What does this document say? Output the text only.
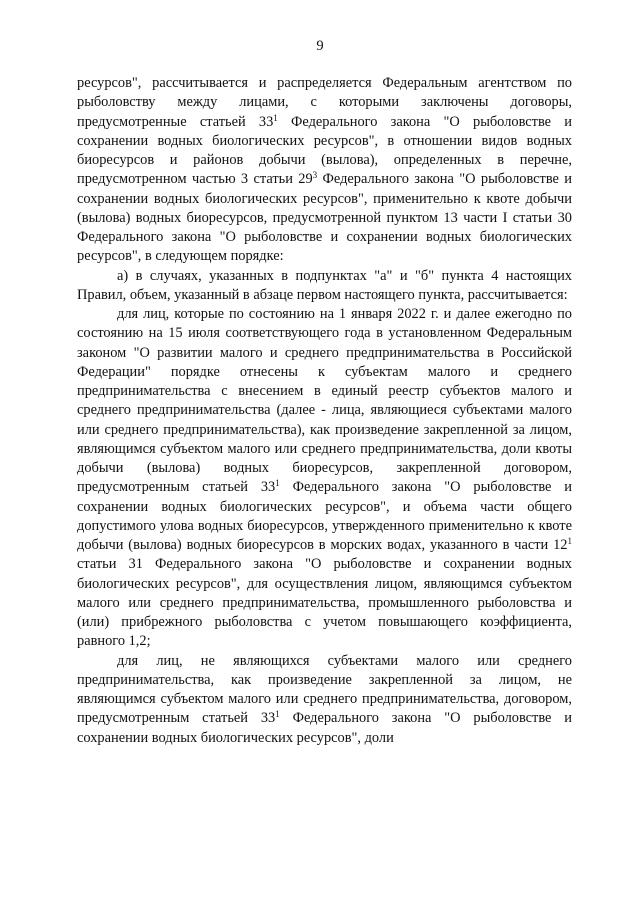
9

ресурсов", рассчитывается и распределяется Федеральным агентством по рыболовству между лицами, с которыми заключены договоры, предусмотренные статьей $33^1$ Федерального закона "О рыболовстве и сохранении водных биологических ресурсов", в отношении видов водных биоресурсов и районов добычи (вылова), определенных в перечне, предусмотренном частью 3 статьи $29^3$ Федерального закона "О рыболовстве и сохранении водных биологических ресурсов", применительно к квоте добычи (вылова) водных биоресурсов, предусмотренной пунктом 13 части I статьи 30 Федерального закона "О рыболовстве и сохранении водных биологических ресурсов", в следующем порядке:

а) в случаях, указанных в подпунктах "а" и "б" пункта 4 настоящих Правил, объем, указанный в абзаце первом настоящего пункта, рассчитывается:

для лиц, которые по состоянию на 1 января 2022 г. и далее ежегодно по состоянию на 15 июля соответствующего года в установленном Федеральным законом "О развитии малого и среднего предпринимательства в Российской Федерации" порядке отнесены к субъектам малого и среднего предпринимательства с внесением в единый реестр субъектов малого и среднего предпринимательства (далее - лица, являющиеся субъектами малого или среднего предпринимательства), как произведение закрепленной за лицом, являющимся субъектом малого или среднего предпринимательства, доли квоты добычи (вылова) водных биоресурсов, закрепленной договором, предусмотренным статьей $33^1$ Федерального закона "О рыболовстве и сохранении водных биологических ресурсов", и объема части общего допустимого улова водных биоресурсов, утвержденного применительно к квоте добычи (вылова) водных биоресурсов в морских водах, указанного в части $12^1$ статьи 31 Федерального закона "О рыболовстве и сохранении водных биологических ресурсов", для осуществления лицом, являющимся субъектом малого или среднего предпринимательства, промышленного рыболовства и (или) прибрежного рыболовства с учетом повышающего коэффициента, равного 1,2;

для лиц, не являющихся субъектами малого или среднего предпринимательства, как произведение закрепленной за лицом, не являющимся субъектом малого или среднего предпринимательства, договором, предусмотренным статьей $33^1$ Федерального закона "О рыболовстве и сохранении водных биологических ресурсов", доли
